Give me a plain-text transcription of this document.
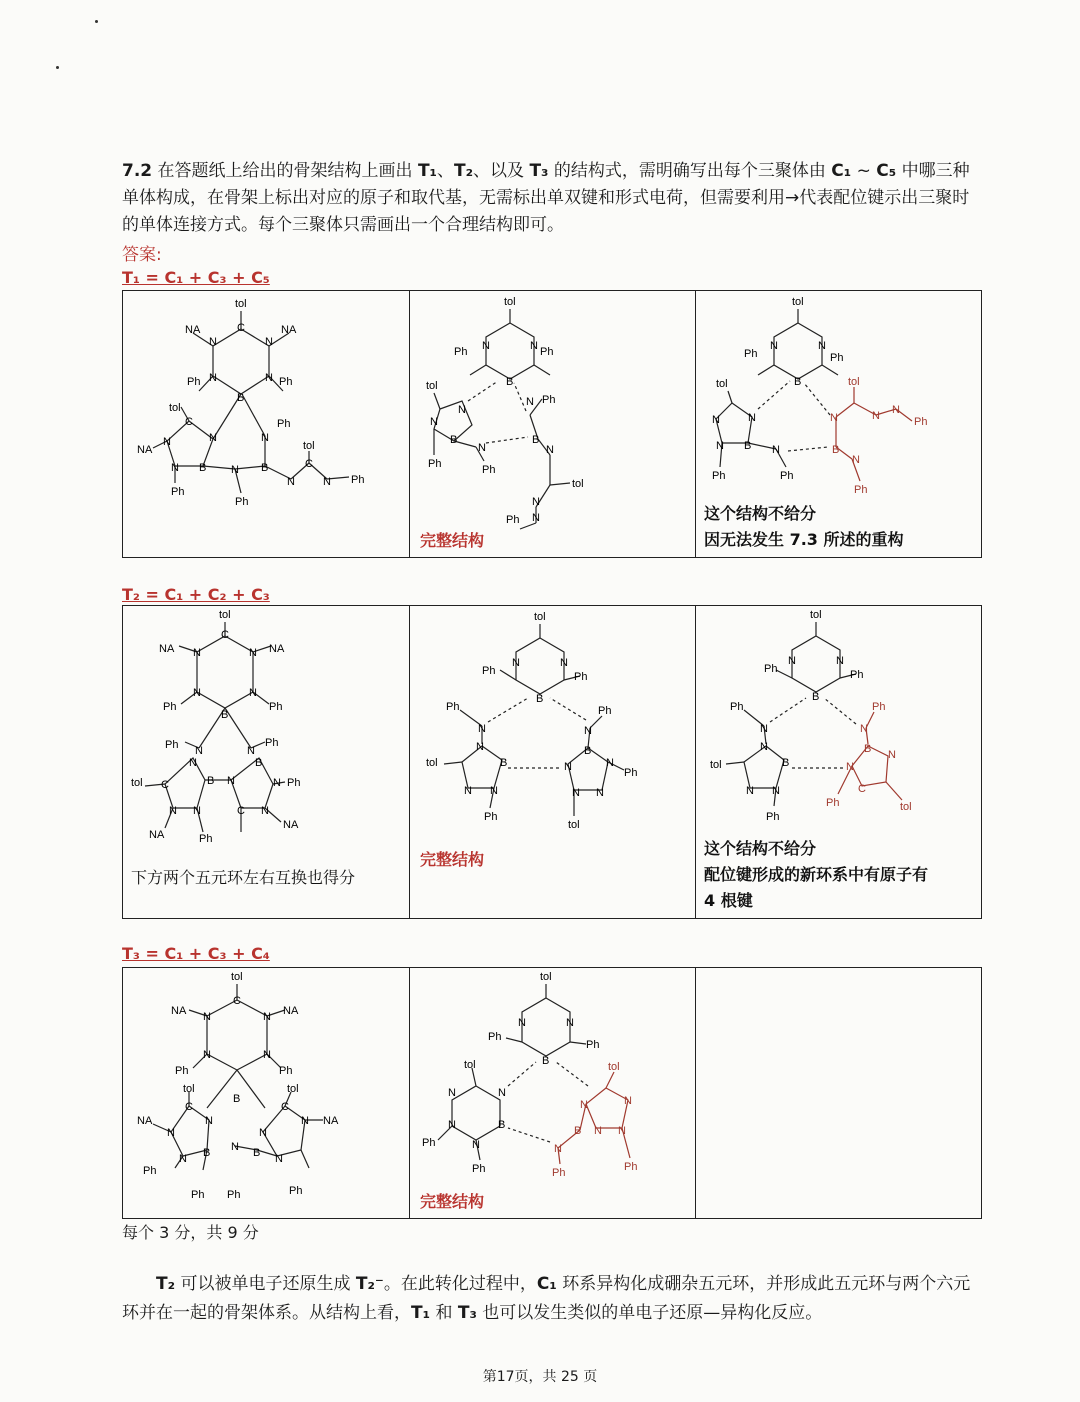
7.2 在答题纸上给出的骨架结构上画出 T₁、T₂、以及 T₃ 的结构式，需明确写出每个三聚体由 C₁ ~ C₅ 中哪三种单体构成，在骨架上标出对应的原子和取代基，无需标出单双键和形式电荷，但需要利用→代表配位键示出三聚时的单体连接方式。每个三聚体只需画出一个合理结构即可。
答案:
T₁ = C₁ + C₃ + C₅
tol
C
N	N
NA	NA
N	N
Ph	Ph
B
tol
C
N
NA
N
N B
Ph
N
Ph
B
N
Ph
N
tol
C
N Ph
tol
N	N
Ph	Ph
B
tol
N
N
B
N
Ph	Ph
N Ph
B
N
tol
N
N
Ph
完整结构
tol
N	N
Ph	Ph
B
tol
N
N
N B N
Ph	Ph
tol
N	N N
Ph
B
N
Ph
这个结构不给分
因无法发生 7.3 所述的重构
T₂ = C₁ + C₂ + C₃
tol
C
NA N	N NA
N	N
Ph	Ph
B
Ph N	N
Ph
N	B
tol C	B N	N Ph
N N	C N
NA	Ph
NA
下方两个五元环左右互换也得分
tol
N	N
Ph	Ph
B
Ph
N
N
B
tol
N N
Ph
Ph
N
B
N	N
Ph
N N
tol
完整结构
tol
N	N
Ph	Ph
B
Ph
N
N
B
tol
N N
Ph
Ph
N
B N
N
C
tol
Ph
这个结构不给分
配位键形成的新环系中有原子有
4 根键
T₃ = C₁ + C₃ + C₄
tol
C
NA N	N NA
N	N
Ph	Ph
B
tol
C
N
NA
N
N B
Ph
Ph
N
Ph
tol
C
N
N NA
B N
Ph
tol
N	N
Ph
Ph
B
tol
N	N
N	B
N
Ph
Ph
tol
N	N
B N N
N
Ph	Ph
完整结构
每个 3 分，共 9 分
T₂ 可以被单电子还原生成 T₂⁻。在此转化过程中，C₁ 环系异构化成硼杂五元环，并形成此五元环与两个六元环并在一起的骨架体系。从结构上看，T₁ 和 T₃ 也可以发生类似的单电子还原—异构化反应。
第17页，共 25 页
